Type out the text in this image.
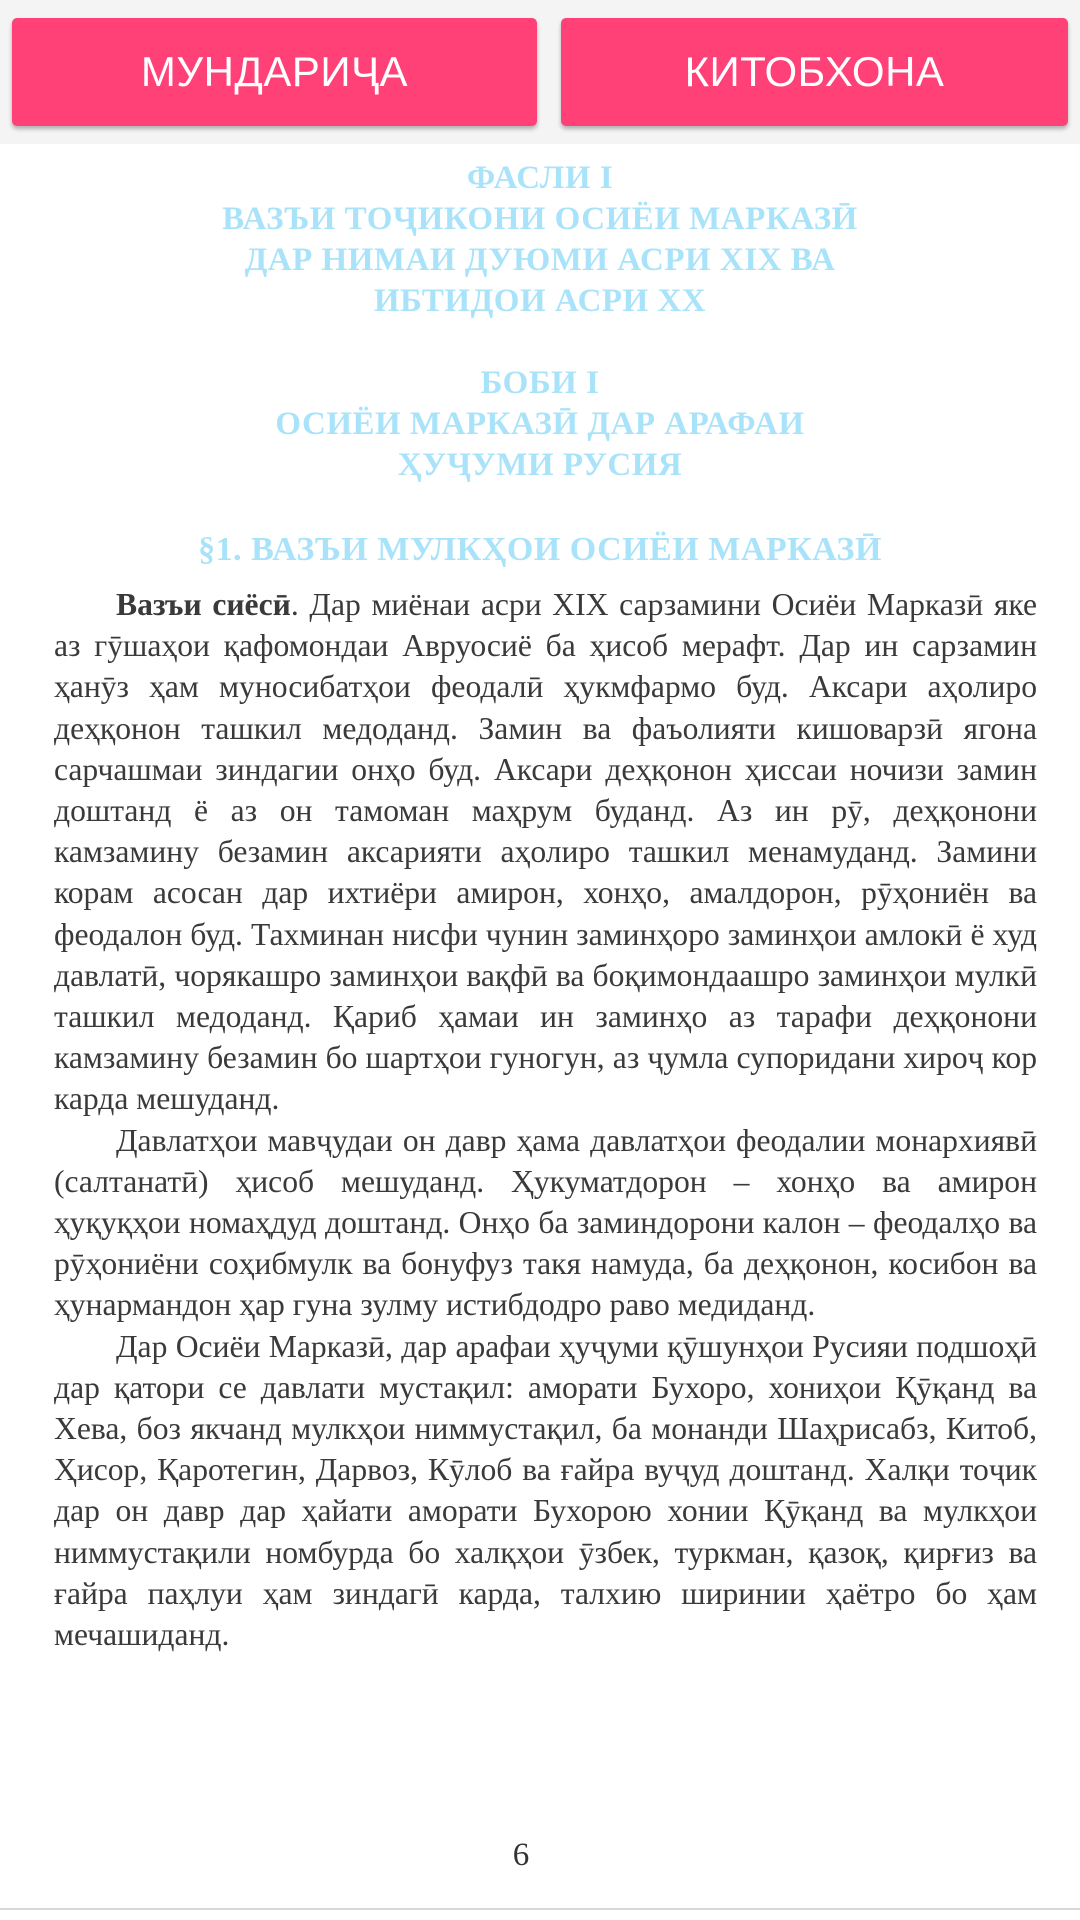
МУНДАРИҶА	КИТОБХОНА
ФАСЛИ I
ВАЗЪИ ТОҶИКОНИ ОСИЁИ МАРКАЗӢ
ДАР НИМАИ ДУЮМИ АСРИ XIX ВА
ИБТИДОИ АСРИ XX
БОБИ I
ОСИЁИ МАРКАЗӢ ДАР АРАФАИ
ҲУҶУМИ РУСИЯ
§1. ВАЗЪИ МУЛКҲОИ ОСИЁИ МАРКАЗӢ

Вазъи сиёсӣ. Дар миёнаи асри XIX сарзамини Осиёи Марказӣ яке аз гӯшаҳои қафомондаи Авруосиё ба ҳисоб мерафт. Дар ин сарзамин ҳанӯз ҳам муносибатҳои феодалӣ ҳукмфармо буд. Аксари аҳолиро деҳқонон ташкил медоданд. Замин ва фаъолияти кишоварзӣ ягона сарчашмаи зиндагии онҳо буд. Аксари деҳқонон ҳиссаи ночизи замин доштанд ё аз он тамоман маҳрум буданд. Аз ин рӯ, деҳқонони камзамину безамин аксарияти аҳолиро ташкил менамуданд. Замини корам асосан дар ихтиёри амирон, хонҳо, амалдорон, рӯҳониён ва феодалон буд. Тахминан нисфи чунин заминҳоро заминҳои амлокӣ ё худ давлатӣ, чорякашро заминҳои вақфӣ ва боқимондаашро заминҳои мулкӣ ташкил медоданд. Қариб ҳамаи ин заминҳо аз тарафи деҳқонони камзамину безамин бо шартҳои гуногун, аз ҷумла супоридани хироҷ кор карда мешуданд.

Давлатҳои мавҷудаи он давр ҳама давлатҳои феодалии монархиявӣ (салтанатӣ) ҳисоб мешуданд. Ҳукуматдорон – хонҳо ва амирон ҳуқуқҳои номаҳдуд доштанд. Онҳо ба заминдорони калон – феодалҳо ва рӯҳониёни соҳибмулк ва бонуфуз такя намуда, ба деҳқонон, косибон ва ҳунармандон ҳар гуна зулму истибдодро раво медиданд.

Дар Осиёи Марказӣ, дар арафаи ҳуҷуми қӯшунҳои Русияи подшоҳӣ дар қатори се давлати мустақил: аморати Бухоро, хониҳои Қӯқанд ва Хева, боз якчанд мулкҳои ниммустақил, ба монанди Шаҳрисабз, Китоб, Ҳисор, Қаротегин, Дарвоз, Кӯлоб ва ғайра вуҷуд доштанд. Халқи тоҷик дар он давр дар ҳайати аморати Бухорою хонии Қӯқанд ва мулкҳои ниммустақили номбурда бо халқҳои ӯзбек, туркман, қазоқ, қирғиз ва ғайра паҳлуи ҳам зиндагӣ карда, талхию ширинии ҳаётро бо ҳам мечашиданд.

6
